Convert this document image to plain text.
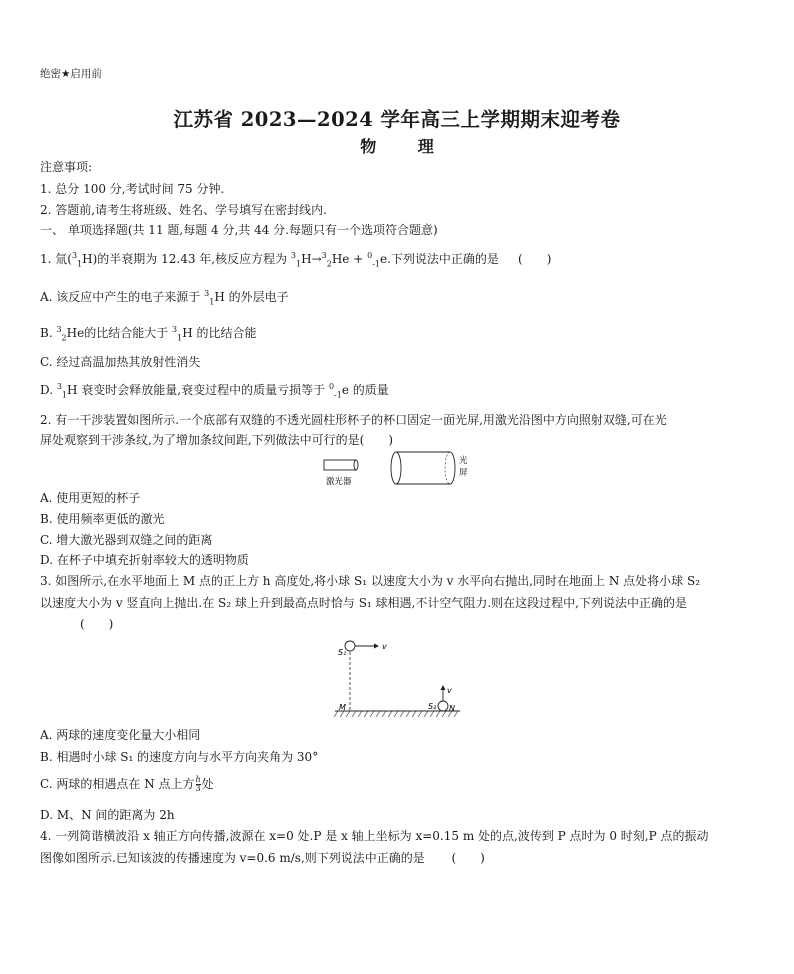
绝密★启用前
江苏省 2023—2024 学年高三上学期期末迎考卷
物 理
注意事项:
1. 总分 100 分,考试时间 75 分钟.
2. 答题前,请考生将班级、姓名、学号填写在密封线内.
一、 单项选择题(共 11 题,每题 4 分,共 44 分.每题只有一个选项符合题意)
1. 氚($^3_1$H)的半衰期为 12.43 年,核反应方程为 $^3_1$H→$^3_2$He + $^0_{-1}$e.下列说法中正确的是 (　　)
A. 该反应中产生的电子来源于 $^3_1$H 的外层电子
B. $^3_2$He的比结合能大于 $^3_1$H 的比结合能
C. 经过高温加热其放射性消失
D. $^3_1$H 衰变时会释放能量,衰变过程中的质量亏损等于 $^0_{-1}$e 的质量
2. 有一干涉装置如图所示.一个底部有双缝的不透光圆柱形杯子的杯口固定一面光屏,用激光沿图中方向照射双缝,可在光
屏处观察到干涉条纹,为了增加条纹间距,下列做法中可行的是(　　)
激光器
光
屏
A. 使用更短的杯子
B. 使用频率更低的激光
C. 增大激光器到双缝之间的距离
D. 在杯子中填充折射率较大的透明物质
3. 如图所示,在水平地面上 M 点的正上方 h 高度处,将小球 S₁ 以速度大小为 v 水平向右抛出,同时在地面上 N 点处将小球 S₂
以速度大小为 v 竖直向上抛出.在 S₂ 球上升到最高点时恰与 S₁ 球相遇,不计空气阻力.则在这段过程中,下列说法中正确的是
(　　)
v
S₁
v
S₂ N
M
A. 两球的速度变化量大小相同
B. 相遇时小球 S₁ 的速度方向与水平方向夹角为 30°
C. 两球的相遇点在 N 点上方 $\frac{h}{3}$ 处
D. M、N 间的距离为 2h
4. 一列简谐横波沿 x 轴正方向传播,波源在 x=0 处.P 是 x 轴上坐标为 x=0.15 m 处的点,波传到 P 点时为 0 时刻,P 点的振动
图像如图所示.已知该波的传播速度为 v=0.6 m/s,则下列说法中正确的是 (　　)
